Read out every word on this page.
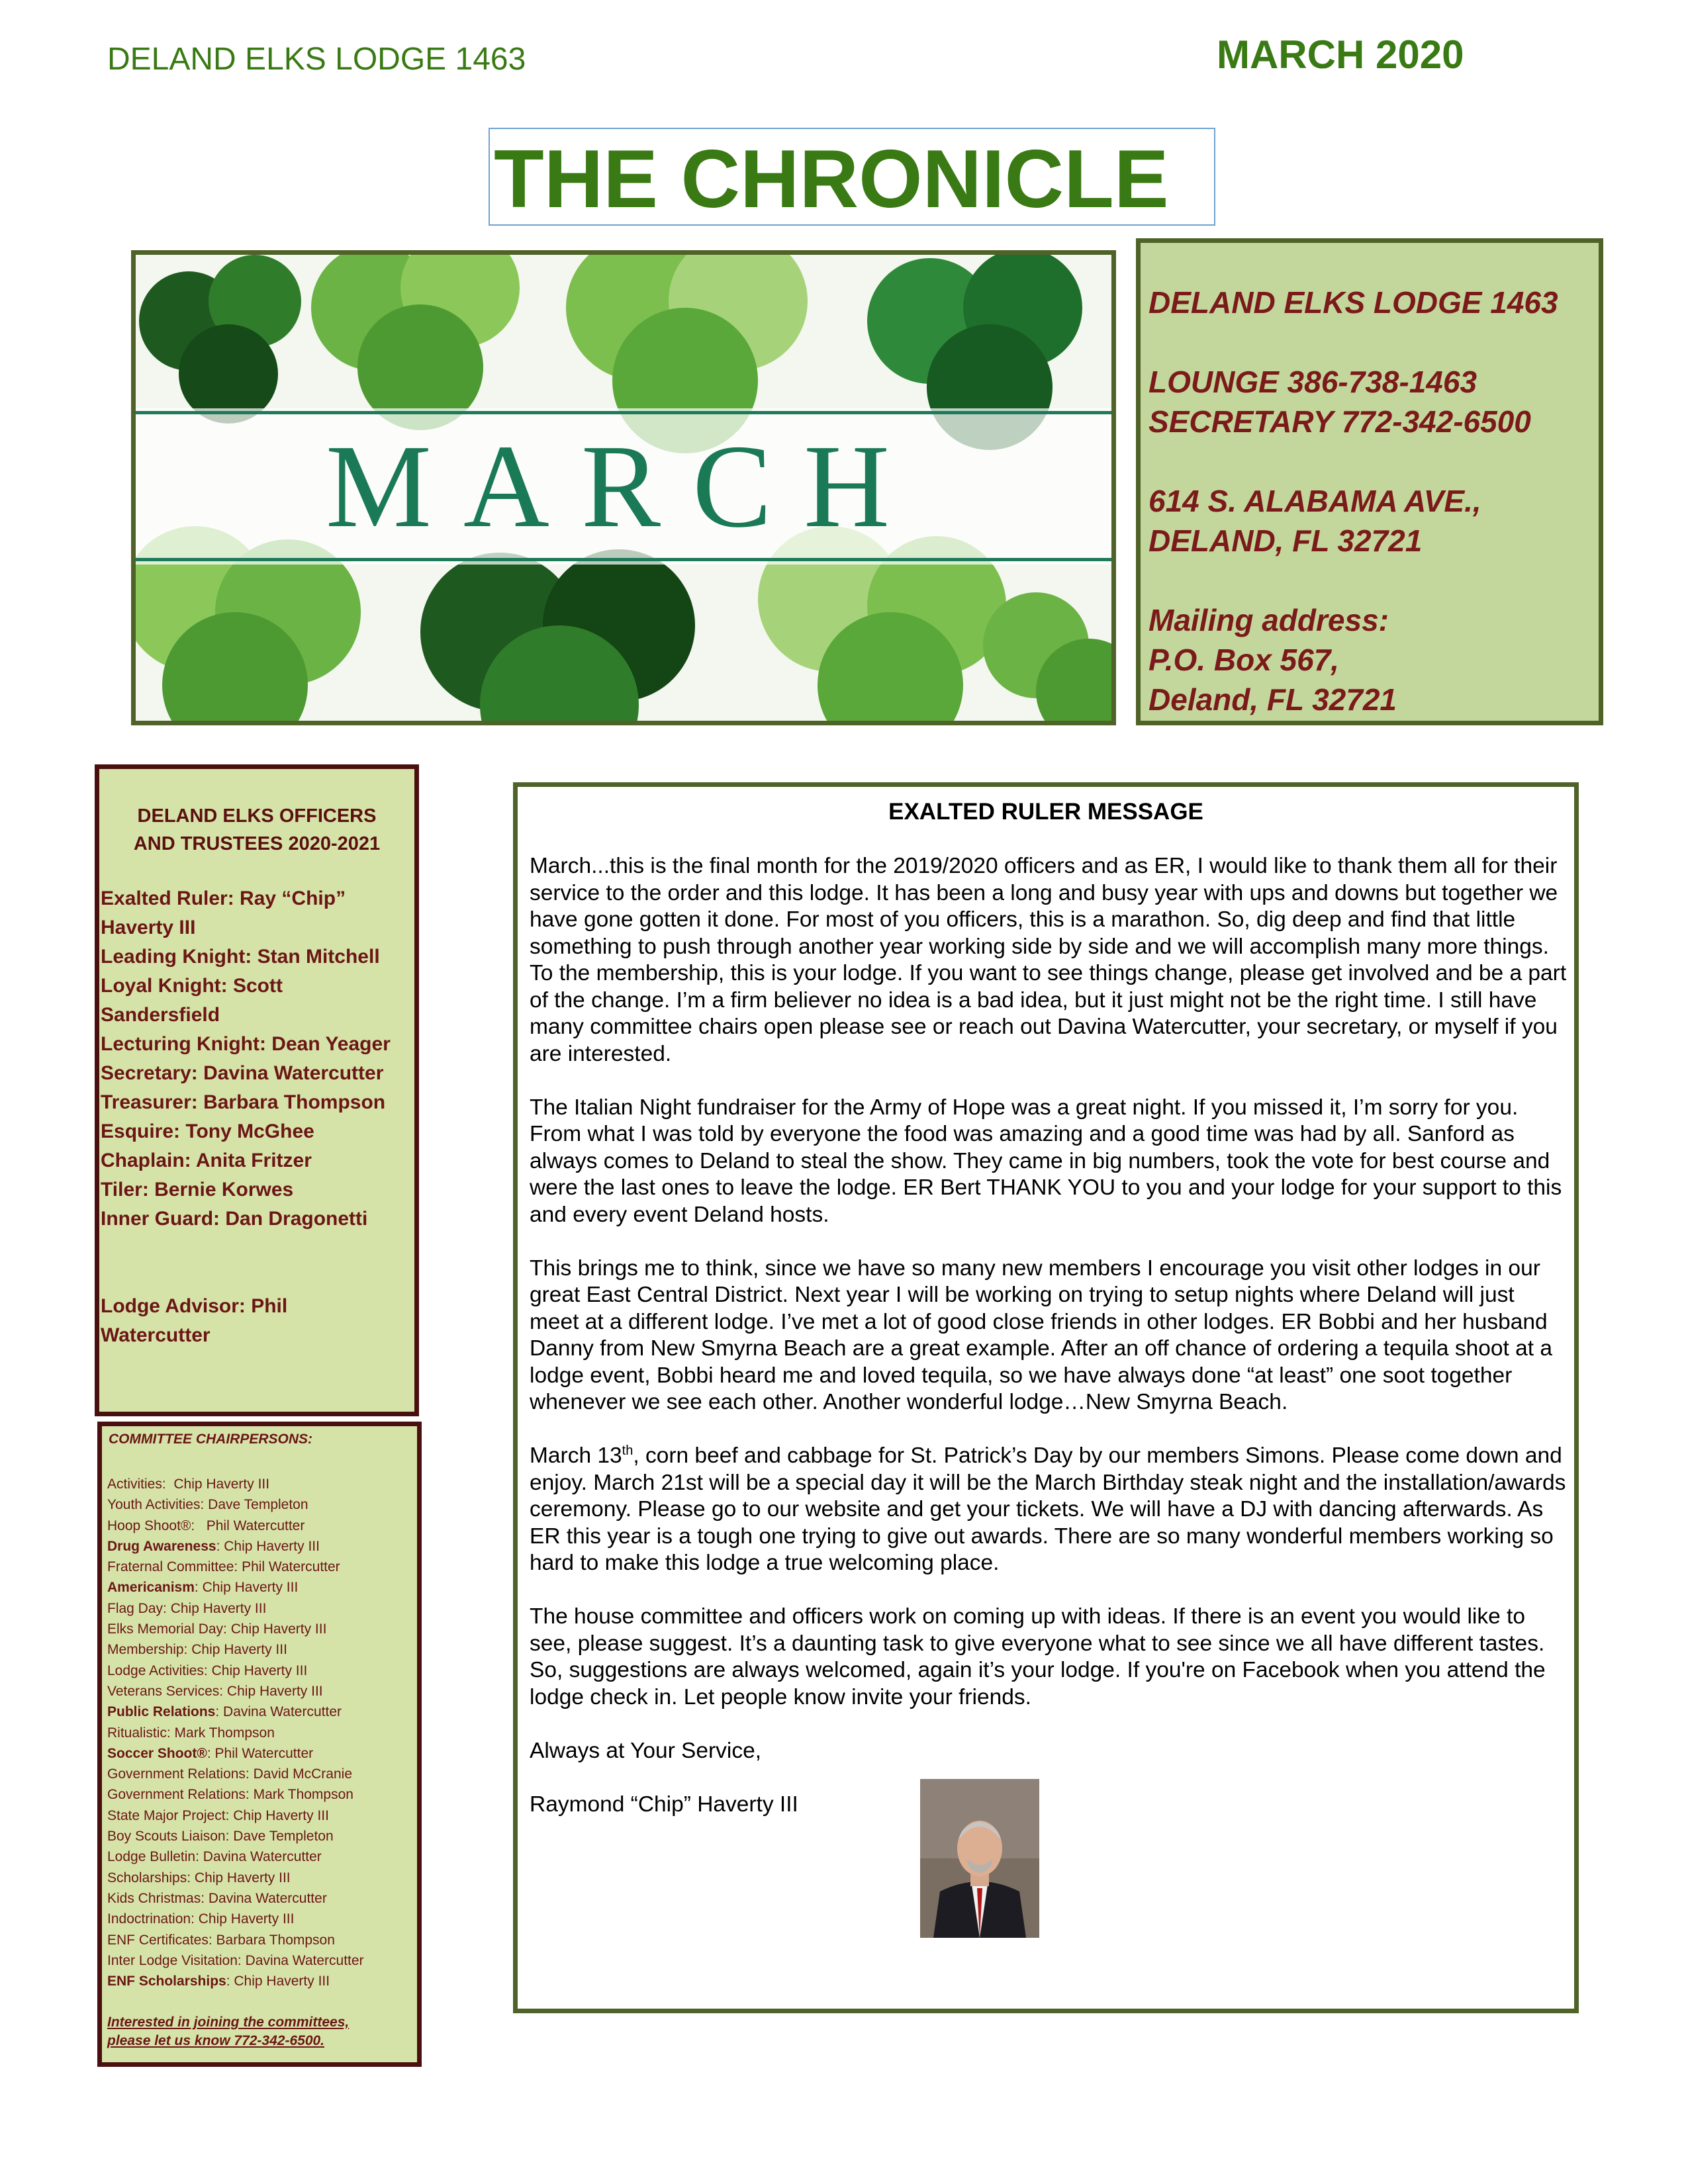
DELAND ELKS LODGE 1463	MARCH 2020
THE CHRONICLE
MARCH
DELAND ELKS LODGE 1463
LOUNGE 386-738-1463
SECRETARY 772-342-6500
614 S. ALABAMA AVE.,
DELAND, FL 32721
Mailing address:
P.O. Box 567,
Deland, FL 32721
DELAND ELKS OFFICERS
AND TRUSTEES 2020-2021
Exalted Ruler: Ray “Chip” Haverty III
Leading Knight: Stan Mitchell
Loyal Knight: Scott Sandersfield
Lecturing Knight: Dean Yeager
Secretary: Davina Watercutter
Treasurer: Barbara Thompson
Esquire: Tony McGhee
Chaplain: Anita Fritzer
Tiler: Bernie Korwes
Inner Guard: Dan Dragonetti
Lodge Advisor: Phil Watercutter
COMMITTEE CHAIRPERSONS:
Activities:  Chip Haverty III
Youth Activities: Dave Templeton
Hoop Shoot®:   Phil Watercutter
Drug Awareness: Chip Haverty III
Fraternal Committee: Phil Watercutter
Americanism: Chip Haverty III
Flag Day: Chip Haverty III
Elks Memorial Day: Chip Haverty III
Membership: Chip Haverty III
Lodge Activities: Chip Haverty III
Veterans Services: Chip Haverty III
Public Relations: Davina Watercutter
Ritualistic: Mark Thompson
Soccer Shoot®: Phil Watercutter
Government Relations: David McCranie
Government Relations: Mark Thompson
State Major Project: Chip Haverty III
Boy Scouts Liaison: Dave Templeton
Lodge Bulletin: Davina Watercutter
Scholarships: Chip Haverty III
Kids Christmas: Davina Watercutter
Indoctrination: Chip Haverty III
ENF Certificates: Barbara Thompson
Inter Lodge Visitation: Davina Watercutter
ENF Scholarships: Chip Haverty III
Interested in joining the committees,
please let us know 772-342-6500.
EXALTED RULER MESSAGE

March...this is the final month for the 2019/2020 officers and as ER, I would like to thank them all for their service to the order and this lodge. It has been a long and busy year with ups and downs but together we have gone gotten it done. For most of you officers, this is a marathon. So, dig deep and find that little something to push through another year working side by side and we will accomplish many more things. To the membership, this is your lodge. If you want to see things change, please get involved and be a part of the change. I’m a firm believer no idea is a bad idea, but it just might not be the right time. I still have many committee chairs open please see or reach out Davina Watercutter, your secretary, or myself if you are interested.

The Italian Night fundraiser for the Army of Hope was a great night. If you missed it, I’m sorry for you. From what I was told by everyone the food was amazing and a good time was had by all. Sanford as always comes to Deland to steal the show. They came in big numbers, took the vote for best course and were the last ones to leave the lodge. ER Bert THANK YOU to you and your lodge for your support to this and every event Deland hosts.

This brings me to think, since we have so many new members I encourage you visit other lodges in our great East Central District. Next year I will be working on trying to setup nights where Deland will just meet at a different lodge. I’ve met a lot of good close friends in other lodges. ER Bobbi and her husband Danny from New Smyrna Beach are a great example. After an off chance of ordering a tequila shoot at a lodge event, Bobbi heard me and loved tequila, so we have always done “at least” one soot together whenever we see each other. Another wonderful lodge…New Smyrna Beach.

March 13th, corn beef and cabbage for St. Patrick’s Day by our members Simons. Please come down and enjoy. March 21st will be a special day it will be the March Birthday steak night and the installation/awards ceremony. Please go to our website and get your tickets. We will have a DJ with dancing afterwards. As ER this year is a tough one trying to give out awards. There are so many wonderful members working so hard to make this lodge a true welcoming place.

The house committee and officers work on coming up with ideas. If there is an event you would like to see, please suggest. It’s a daunting task to give everyone what to see since we all have different tastes. So, suggestions are always welcomed, again it’s your lodge. If you're on Facebook when you attend the lodge check in. Let people know invite your friends.

Always at Your Service,

Raymond “Chip” Haverty III
